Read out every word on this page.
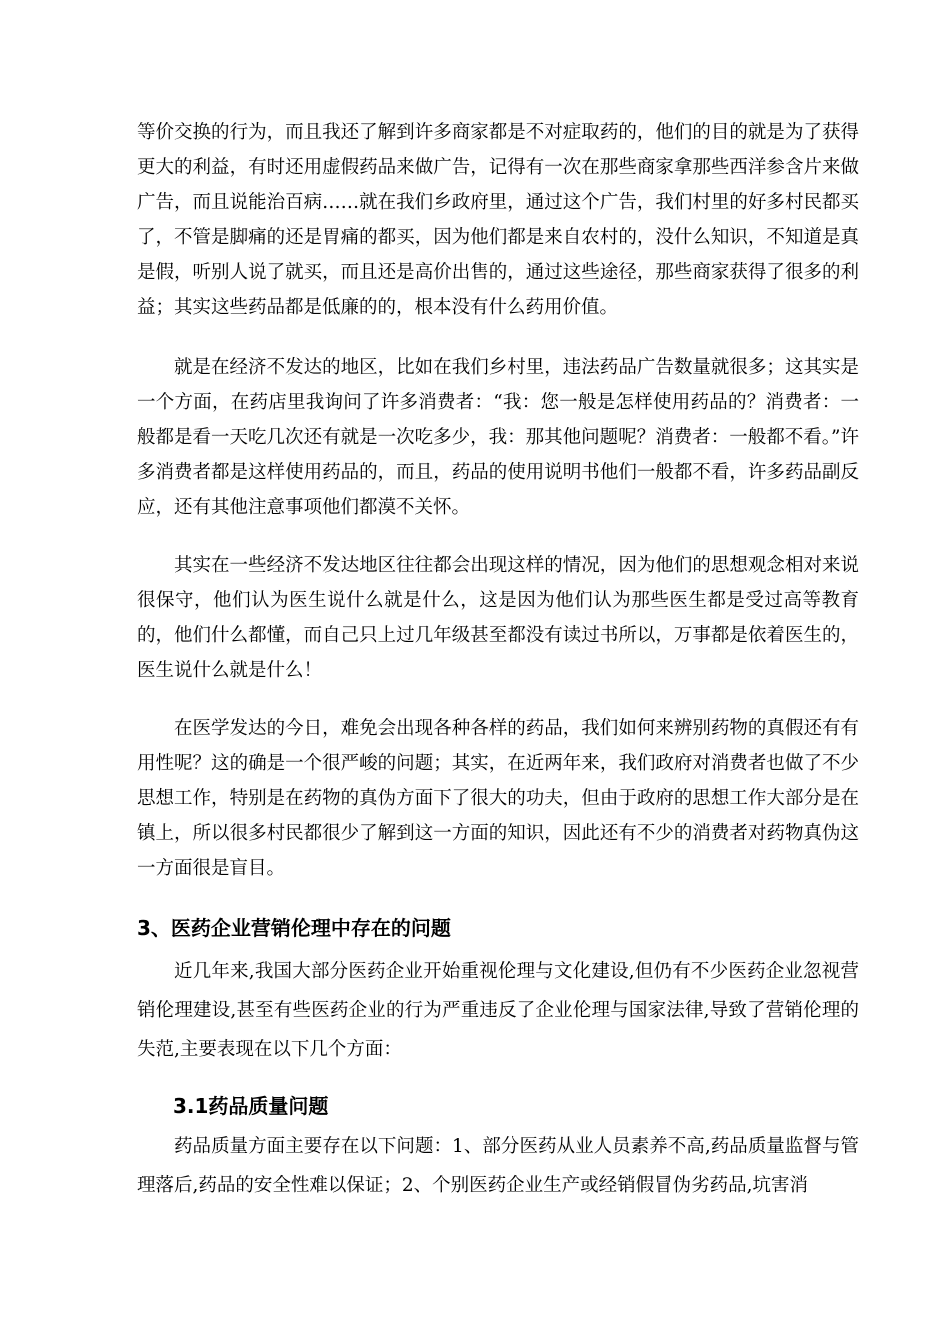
等价交换的行为，而且我还了解到许多商家都是不对症取药的，他们的目的就是为了获得更大的利益，有时还用虚假药品来做广告，记得有一次在那些商家拿那些西洋参含片来做广告，而且说能治百病……就在我们乡政府里，通过这个广告，我们村里的好多村民都买了，不管是脚痛的还是胃痛的都买，因为他们都是来自农村的，没什么知识，不知道是真是假，听别人说了就买，而且还是高价出售的，通过这些途径，那些商家获得了很多的利益；其实这些药品都是低廉的的，根本没有什么药用价值。

就是在经济不发达的地区，比如在我们乡村里，违法药品广告数量就很多；这其实是一个方面，在药店里我询问了许多消费者：“我：您一般是怎样使用药品的？消费者：一般都是看一天吃几次还有就是一次吃多少，我：那其他问题呢？消费者：一般都不看。”许多消费者都是这样使用药品的，而且，药品的使用说明书他们一般都不看，许多药品副反应，还有其他注意事项他们都漠不关怀。

其实在一些经济不发达地区往往都会出现这样的情况，因为他们的思想观念相对来说很保守，他们认为医生说什么就是什么，这是因为他们认为那些医生都是受过高等教育的，他们什么都懂，而自己只上过几年级甚至都没有读过书所以，万事都是依着医生的，医生说什么就是什么！

在医学发达的今日，难免会出现各种各样的药品，我们如何来辨别药物的真假还有有用性呢？这的确是一个很严峻的问题；其实，在近两年来，我们政府对消费者也做了不少思想工作，特别是在药物的真伪方面下了很大的功夫，但由于政府的思想工作大部分是在镇上，所以很多村民都很少了解到这一方面的知识，因此还有不少的消费者对药物真伪这一方面很是盲目。

3、医药企业营销伦理中存在的问题

近几年来,我国大部分医药企业开始重视伦理与文化建设,但仍有不少医药企业忽视营销伦理建设,甚至有些医药企业的行为严重违反了企业伦理与国家法律,导致了营销伦理的失范,主要表现在以下几个方面：

3.1药品质量问题

药品质量方面主要存在以下问题：1、部分医药从业人员素养不高,药品质量监督与管理落后,药品的安全性难以保证；2、个别医药企业生产或经销假冒伪劣药品,坑害消
